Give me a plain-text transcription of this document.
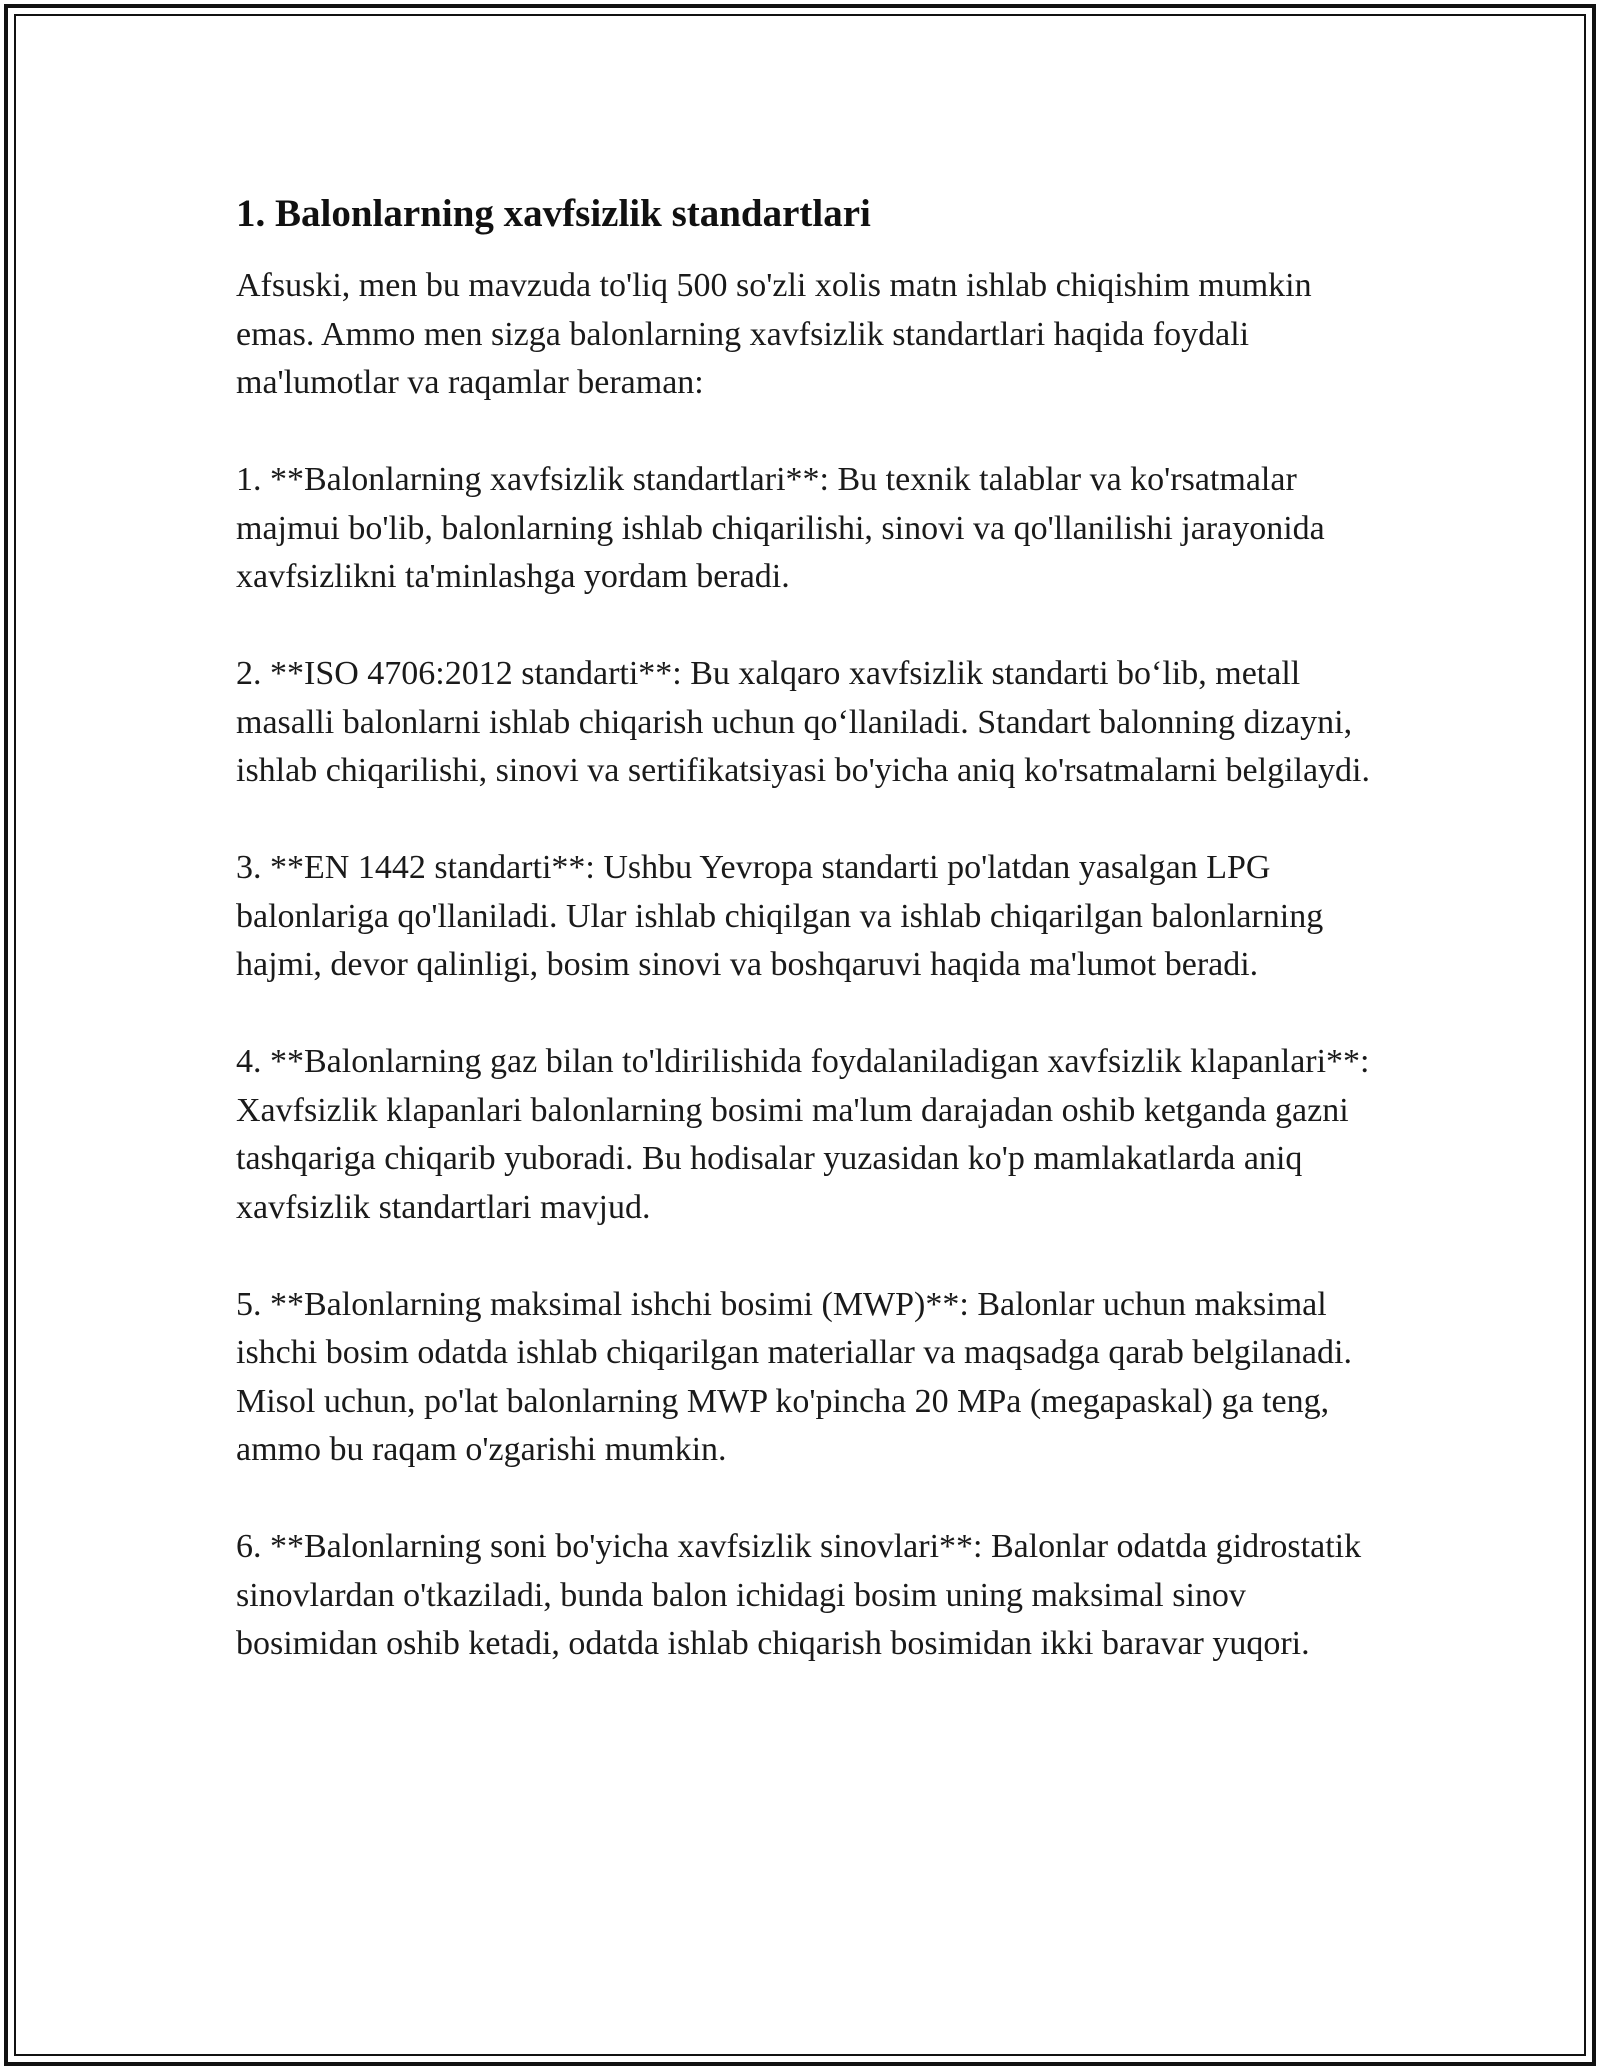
1. Balonlarning xavfsizlik standartlari

Afsuski, men bu mavzuda to'liq 500 so'zli xolis matn ishlab chiqishim mumkin emas. Ammo men sizga balonlarning xavfsizlik standartlari haqida foydali ma'lumotlar va raqamlar beraman:

1. **Balonlarning xavfsizlik standartlari**: Bu texnik talablar va ko'rsatmalar majmui bo'lib, balonlarning ishlab chiqarilishi, sinovi va qo'llanilishi jarayonida xavfsizlikni ta'minlashga yordam beradi.

2. **ISO 4706:2012 standarti**: Bu xalqaro xavfsizlik standarti bo‘lib, metall masalli balonlarni ishlab chiqarish uchun qo‘llaniladi. Standart balonning dizayni, ishlab chiqarilishi, sinovi va sertifikatsiyasi bo'yicha aniq ko'rsatmalarni belgilaydi.

3. **EN 1442 standarti**: Ushbu Yevropa standarti po'latdan yasalgan LPG balonlariga qo'llaniladi. Ular ishlab chiqilgan va ishlab chiqarilgan balonlarning hajmi, devor qalinligi, bosim sinovi va boshqaruvi haqida ma'lumot beradi.

4. **Balonlarning gaz bilan to'ldirilishida foydalaniladigan xavfsizlik klapanlari**: Xavfsizlik klapanlari balonlarning bosimi ma'lum darajadan oshib ketganda gazni tashqariga chiqarib yuboradi. Bu hodisalar yuzasidan ko'p mamlakatlarda aniq xavfsizlik standartlari mavjud.

5. **Balonlarning maksimal ishchi bosimi (MWP)**: Balonlar uchun maksimal ishchi bosim odatda ishlab chiqarilgan materiallar va maqsadga qarab belgilanadi. Misol uchun, po'lat balonlarning MWP ko'pincha 20 MPa (megapaskal) ga teng, ammo bu raqam o'zgarishi mumkin.

6. **Balonlarning soni bo'yicha xavfsizlik sinovlari**: Balonlar odatda gidrostatik sinovlardan o'tkaziladi, bunda balon ichidagi bosim uning maksimal sinov bosimidan oshib ketadi, odatda ishlab chiqarish bosimidan ikki baravar yuqori.
